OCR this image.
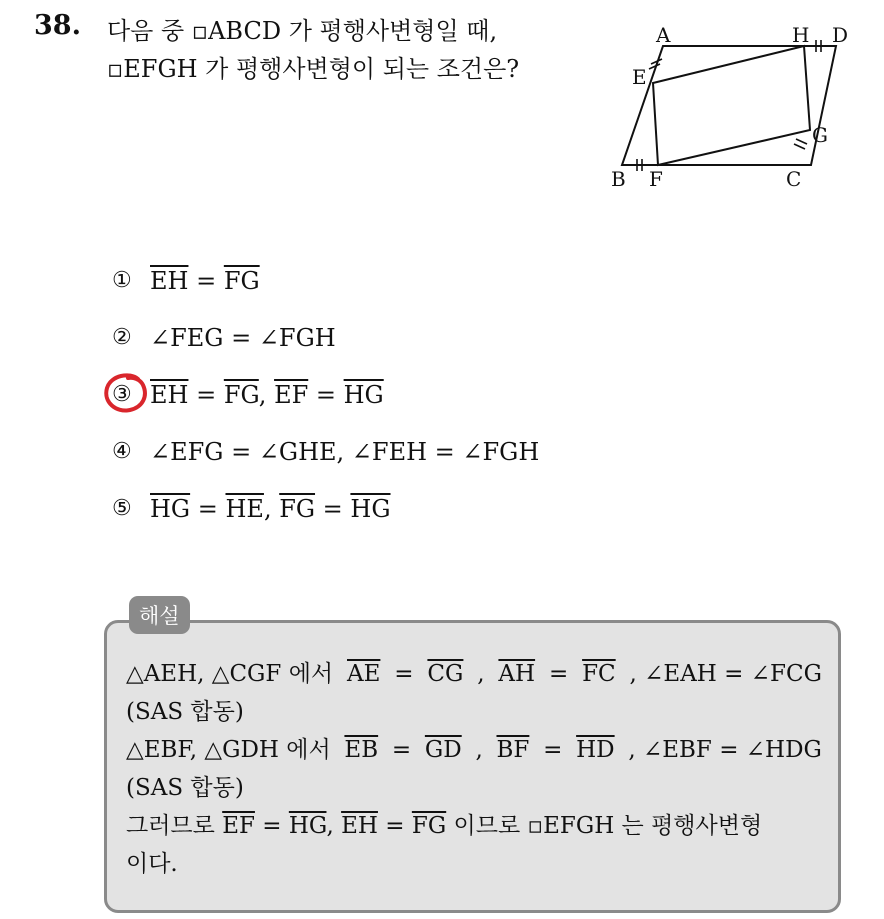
38. 다음 중 ▫ABCD 가 평행사변형일 때,
▫EFGH 가 평행사변형이 되는 조건은?
A	H D
E
G
B F	C
① $\overline{EH} = \overline{FG}$
② ∠FEG = ∠FGH
③ $\overline{EH} = \overline{FG}$, $\overline{EF} = \overline{HG}$
④ ∠EFG = ∠GHE, ∠FEH = ∠FGH
⑤ $\overline{HG} = \overline{HE}$, $\overline{FG} = \overline{HG}$
해설
△AEH, △CGF 에서 $\overline{AE} = \overline{CG}$ , $\overline{AH} = \overline{FC}$ , ∠EAH = ∠FCG
(SAS 합동)
△EBF, △GDH 에서 $\overline{EB} = \overline{GD}$ , $\overline{BF} = \overline{HD}$ , ∠EBF = ∠HDG
(SAS 합동)
그러므로 $\overline{EF} = \overline{HG}$, $\overline{EH} = \overline{FG}$ 이므로 ▫EFGH 는 평행사변형
이다.
